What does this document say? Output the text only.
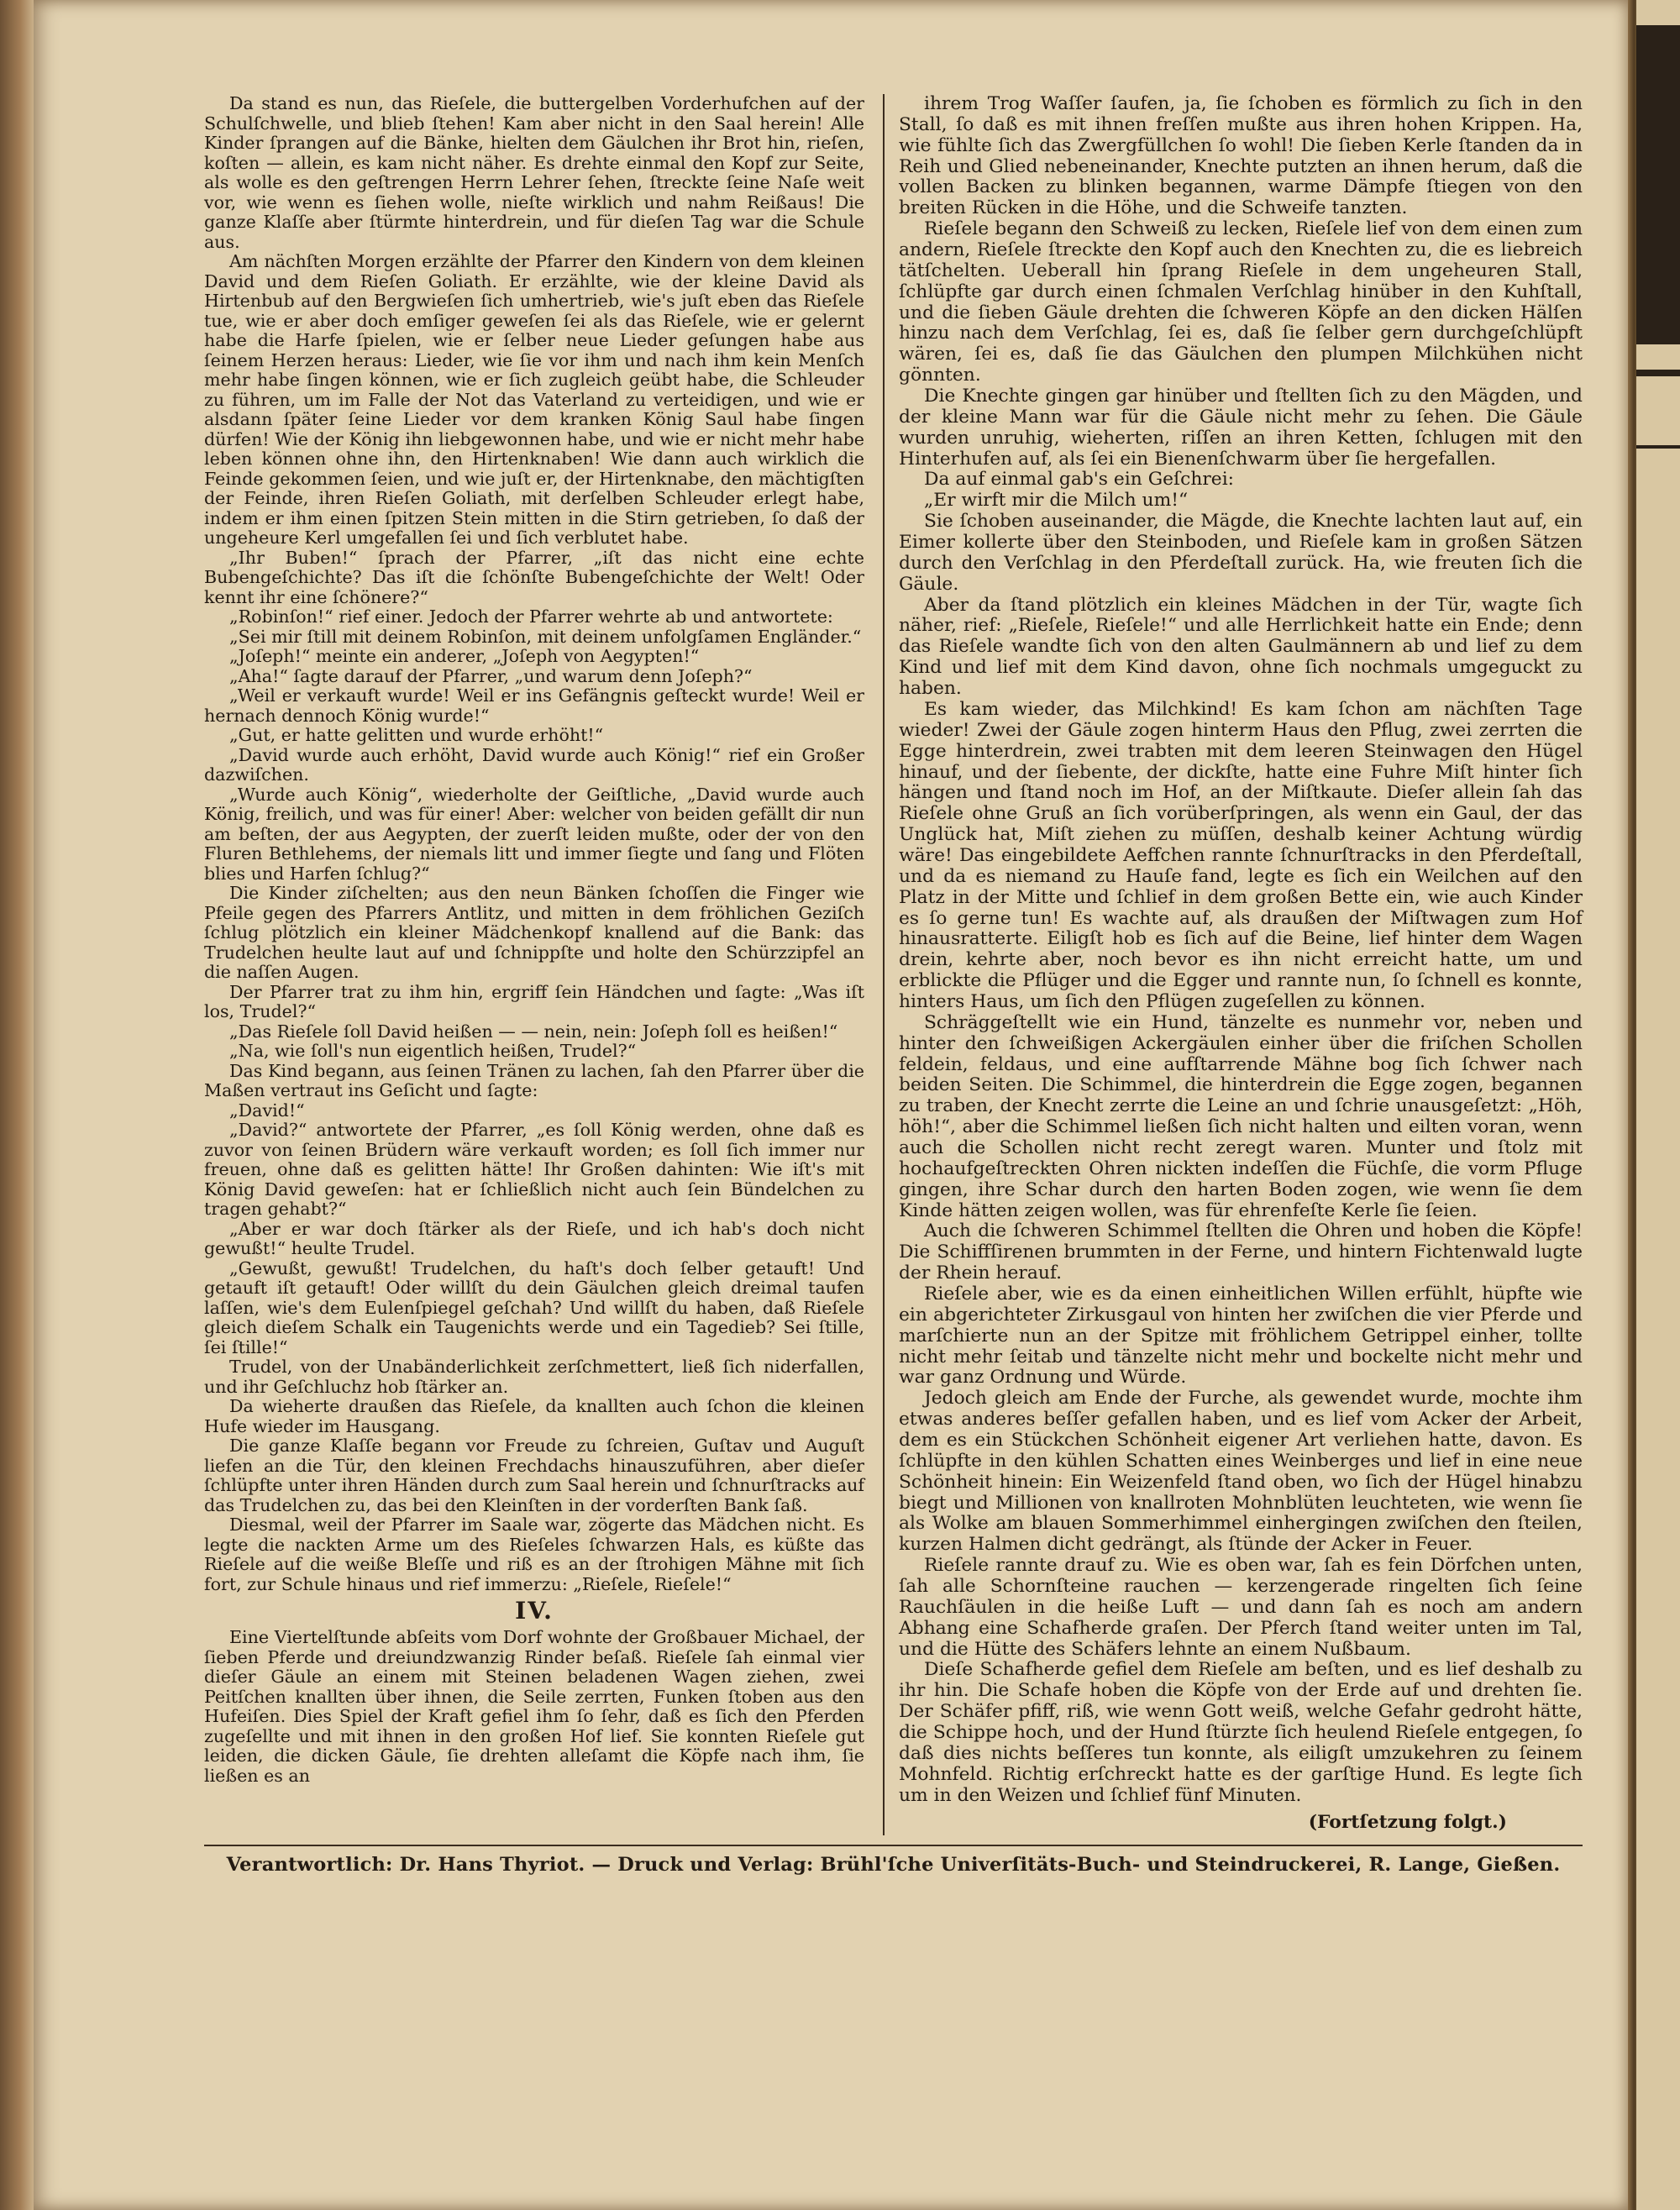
Da stand es nun, das Rieſele, die buttergelben Vorderhufchen auf der Schulſchwelle, und blieb ſtehen! Kam aber nicht in den Saal herein! Alle Kinder ſprangen auf die Bänke, hielten dem Gäulchen ihr Brot hin, rieſen, koſten — allein, es kam nicht näher. Es drehte einmal den Kopf zur Seite, als wolle es den geſtrengen Herrn Lehrer ſehen, ſtreckte ſeine Naſe weit vor, wie wenn es ſiehen wolle, nieſte wirklich und nahm Reißaus! Die ganze Klaſſe aber ſtürmte hinterdrein, und für dieſen Tag war die Schule aus.

Am nächſten Morgen erzählte der Pfarrer den Kindern von dem kleinen David und dem Rieſen Goliath. Er erzählte, wie der kleine David als Hirtenbub auf den Bergwieſen ſich umhertrieb, wie's juſt eben das Rieſele tue, wie er aber doch emſiger geweſen ſei als das Rieſele, wie er gelernt habe die Harfe ſpielen, wie er ſelber neue Lieder geſungen habe aus ſeinem Herzen heraus: Lieder, wie ſie vor ihm und nach ihm kein Menſch mehr habe ſingen können, wie er ſich zugleich geübt habe, die Schleuder zu führen, um im Falle der Not das Vaterland zu verteidigen, und wie er alsdann ſpäter ſeine Lieder vor dem kranken König Saul habe ſingen dürfen! Wie der König ihn liebgewonnen habe, und wie er nicht mehr habe leben können ohne ihn, den Hirtenknaben! Wie dann auch wirklich die Feinde gekommen ſeien, und wie juſt er, der Hirtenknabe, den mächtigſten der Feinde, ihren Rieſen Goliath, mit derſelben Schleuder erlegt habe, indem er ihm einen ſpitzen Stein mitten in die Stirn getrieben, ſo daß der ungeheure Kerl umgefallen ſei und ſich verblutet habe.

„Ihr Buben!“ ſprach der Pfarrer, „iſt das nicht eine echte Bubengeſchichte? Das iſt die ſchönſte Bubengeſchichte der Welt! Oder kennt ihr eine ſchönere?“

„Robinſon!“ rief einer. Jedoch der Pfarrer wehrte ab und antwortete:

„Sei mir ſtill mit deinem Robinſon, mit deinem unfolgſamen Engländer.“

„Joſeph!“ meinte ein anderer, „Joſeph von Aegypten!“

„Aha!“ ſagte darauf der Pfarrer, „und warum denn Joſeph?“

„Weil er verkauft wurde! Weil er ins Gefängnis geſteckt wurde! Weil er hernach dennoch König wurde!“

„Gut, er hatte gelitten und wurde erhöht!“

„David wurde auch erhöht, David wurde auch König!“ rief ein Großer dazwiſchen.

„Wurde auch König“, wiederholte der Geiſtliche, „David wurde auch König, freilich, und was für einer! Aber: welcher von beiden gefällt dir nun am beſten, der aus Aegypten, der zuerſt leiden mußte, oder der von den Fluren Bethlehems, der niemals litt und immer ſiegte und ſang und Flöten blies und Harfen ſchlug?“

Die Kinder ziſchelten; aus den neun Bänken ſchoſſen die Finger wie Pfeile gegen des Pfarrers Antlitz, und mitten in dem fröhlichen Geziſch ſchlug plötzlich ein kleiner Mädchenkopf knallend auf die Bank: das Trudelchen heulte laut auf und ſchnippſte und holte den Schürzzipfel an die naſſen Augen.

Der Pfarrer trat zu ihm hin, ergriff ſein Händchen und ſagte: „Was iſt los, Trudel?“

„Das Rieſele ſoll David heißen — — nein, nein: Joſeph ſoll es heißen!“

„Na, wie ſoll's nun eigentlich heißen, Trudel?“

Das Kind begann, aus ſeinen Tränen zu lachen, ſah den Pfarrer über die Maßen vertraut ins Geſicht und ſagte:

„David!“

„David?“ antwortete der Pfarrer, „es ſoll König werden, ohne daß es zuvor von ſeinen Brüdern wäre verkauft worden; es ſoll ſich immer nur freuen, ohne daß es gelitten hätte! Ihr Großen dahinten: Wie iſt's mit König David geweſen: hat er ſchließlich nicht auch ſein Bündelchen zu tragen gehabt?“

„Aber er war doch ſtärker als der Rieſe, und ich hab's doch nicht gewußt!“ heulte Trudel.

„Gewußt, gewußt! Trudelchen, du haſt's doch ſelber getauft! Und getauft iſt getauft! Oder willſt du dein Gäulchen gleich dreimal taufen laſſen, wie's dem Eulenſpiegel geſchah? Und willſt du haben, daß Rieſele gleich dieſem Schalk ein Taugenichts werde und ein Tagedieb? Sei ſtille, ſei ſtille!“

Trudel, von der Unabänderlichkeit zerſchmettert, ließ ſich niderfallen, und ihr Geſchluchz hob ſtärker an.

Da wieherte draußen das Rieſele, da knallten auch ſchon die kleinen Hufe wieder im Hausgang.

Die ganze Klaſſe begann vor Freude zu ſchreien, Guſtav und Auguſt liefen an die Tür, den kleinen Frechdachs hinauszuführen, aber dieſer ſchlüpfte unter ihren Händen durch zum Saal herein und ſchnurſtracks auf das Trudelchen zu, das bei den Kleinſten in der vorderſten Bank ſaß.

Diesmal, weil der Pfarrer im Saale war, zögerte das Mädchen nicht. Es legte die nackten Arme um des Rieſeles ſchwarzen Hals, es küßte das Rieſele auf die weiße Bleſſe und riß es an der ſtrohigen Mähne mit ſich fort, zur Schule hinaus und rief immerzu: „Rieſele, Rieſele!“

IV.

Eine Viertelſtunde abſeits vom Dorf wohnte der Großbauer Michael, der ſieben Pferde und dreiundzwanzig Rinder beſaß. Rieſele ſah einmal vier dieſer Gäule an einem mit Steinen beladenen Wagen ziehen, zwei Peitſchen knallten über ihnen, die Seile zerrten, Funken ſtoben aus den Hufeiſen. Dies Spiel der Kraft gefiel ihm ſo ſehr, daß es ſich den Pferden zugeſellte und mit ihnen in den großen Hof lief. Sie konnten Rieſele gut leiden, die dicken Gäule, ſie drehten alleſamt die Köpfe nach ihm, ſie ließen es an

ihrem Trog Waſſer ſaufen, ja, ſie ſchoben es förmlich zu ſich in den Stall, ſo daß es mit ihnen freſſen mußte aus ihren hohen Krippen. Ha, wie fühlte ſich das Zwergfüllchen ſo wohl! Die ſieben Kerle ſtanden da in Reih und Glied nebeneinander, Knechte putzten an ihnen herum, daß die vollen Backen zu blinken begannen, warme Dämpfe ſtiegen von den breiten Rücken in die Höhe, und die Schweife tanzten.

Rieſele begann den Schweiß zu lecken, Rieſele lief von dem einen zum andern, Rieſele ſtreckte den Kopf auch den Knechten zu, die es liebreich tätſchelten. Ueberall hin ſprang Rieſele in dem ungeheuren Stall, ſchlüpfte gar durch einen ſchmalen Verſchlag hinüber in den Kuhſtall, und die ſieben Gäule drehten die ſchweren Köpfe an den dicken Hälſen hinzu nach dem Verſchlag, ſei es, daß ſie ſelber gern durchgeſchlüpft wären, ſei es, daß ſie das Gäulchen den plumpen Milchkühen nicht gönnten.

Die Knechte gingen gar hinüber und ſtellten ſich zu den Mägden, und der kleine Mann war für die Gäule nicht mehr zu ſehen. Die Gäule wurden unruhig, wieherten, riſſen an ihren Ketten, ſchlugen mit den Hinterhufen auf, als ſei ein Bienenſchwarm über ſie hergefallen.

Da auf einmal gab's ein Geſchrei:

„Er wirft mir die Milch um!“

Sie ſchoben auseinander, die Mägde, die Knechte lachten laut auf, ein Eimer kollerte über den Steinboden, und Rieſele kam in großen Sätzen durch den Verſchlag in den Pferdeſtall zurück. Ha, wie freuten ſich die Gäule.

Aber da ſtand plötzlich ein kleines Mädchen in der Tür, wagte ſich näher, rief: „Rieſele, Rieſele!“ und alle Herrlichkeit hatte ein Ende; denn das Rieſele wandte ſich von den alten Gaulmännern ab und lief zu dem Kind und lief mit dem Kind davon, ohne ſich nochmals umgeguckt zu haben.

Es kam wieder, das Milchkind! Es kam ſchon am nächſten Tage wieder! Zwei der Gäule zogen hinterm Haus den Pflug, zwei zerrten die Egge hinterdrein, zwei trabten mit dem leeren Steinwagen den Hügel hinauf, und der ſiebente, der dickſte, hatte eine Fuhre Miſt hinter ſich hängen und ſtand noch im Hof, an der Miſtkaute. Dieſer allein ſah das Rieſele ohne Gruß an ſich vorüberſpringen, als wenn ein Gaul, der das Unglück hat, Miſt ziehen zu müſſen, deshalb keiner Achtung würdig wäre! Das eingebildete Aeffchen rannte ſchnurſtracks in den Pferdeſtall, und da es niemand zu Hauſe fand, legte es ſich ein Weilchen auf den Platz in der Mitte und ſchlief in dem großen Bette ein, wie auch Kinder es ſo gerne tun! Es wachte auf, als draußen der Miſtwagen zum Hof hinausratterte. Eiligſt hob es ſich auf die Beine, lief hinter dem Wagen drein, kehrte aber, noch bevor es ihn nicht erreicht hatte, um und erblickte die Pflüger und die Egger und rannte nun, ſo ſchnell es konnte, hinters Haus, um ſich den Pflügen zugeſellen zu können.

Schräggeſtellt wie ein Hund, tänzelte es nunmehr vor, neben und hinter den ſchweißigen Ackergäulen einher über die friſchen Schollen feldein, feldaus, und eine aufſtarrende Mähne bog ſich ſchwer nach beiden Seiten. Die Schimmel, die hinterdrein die Egge zogen, begannen zu traben, der Knecht zerrte die Leine an und ſchrie unausgeſetzt: „Höh, höh!“, aber die Schimmel ließen ſich nicht halten und eilten voran, wenn auch die Schollen nicht recht zeregt waren. Munter und ſtolz mit hochaufgeſtreckten Ohren nickten indeſſen die Füchſe, die vorm Pfluge gingen, ihre Schar durch den harten Boden zogen, wie wenn ſie dem Kinde hätten zeigen wollen, was für ehrenfeſte Kerle ſie ſeien.

Auch die ſchweren Schimmel ſtellten die Ohren und hoben die Köpfe! Die Schiffſirenen brummten in der Ferne, und hintern Fichtenwald lugte der Rhein herauf.

Rieſele aber, wie es da einen einheitlichen Willen erfühlt, hüpfte wie ein abgerichteter Zirkusgaul von hinten her zwiſchen die vier Pferde und marſchierte nun an der Spitze mit fröhlichem Getrippel einher, tollte nicht mehr ſeitab und tänzelte nicht mehr und bockelte nicht mehr und war ganz Ordnung und Würde.

Jedoch gleich am Ende der Furche, als gewendet wurde, mochte ihm etwas anderes beſſer gefallen haben, und es lief vom Acker der Arbeit, dem es ein Stückchen Schönheit eigener Art verliehen hatte, davon. Es ſchlüpfte in den kühlen Schatten eines Weinberges und lief in eine neue Schönheit hinein: Ein Weizenfeld ſtand oben, wo ſich der Hügel hinabzu biegt und Millionen von knallroten Mohnblüten leuchteten, wie wenn ſie als Wolke am blauen Sommerhimmel einhergingen zwiſchen den ſteilen, kurzen Halmen dicht gedrängt, als ſtünde der Acker in Feuer.

Rieſele rannte drauf zu. Wie es oben war, ſah es fein Dörfchen unten, ſah alle Schornſteine rauchen — kerzengerade ringelten ſich ſeine Rauchſäulen in die heiße Luft — und dann ſah es noch am andern Abhang eine Schafherde graſen. Der Pferch ſtand weiter unten im Tal, und die Hütte des Schäfers lehnte an einem Nußbaum.

Dieſe Schafherde gefiel dem Rieſele am beſten, und es lief deshalb zu ihr hin. Die Schafe hoben die Köpfe von der Erde auf und drehten ſie. Der Schäfer pfiff, riß, wie wenn Gott weiß, welche Gefahr gedroht hätte, die Schippe hoch, und der Hund ſtürzte ſich heulend Rieſele entgegen, ſo daß dies nichts beſſeres tun konnte, als eiligſt umzukehren zu ſeinem Mohnfeld. Richtig erſchreckt hatte es der garſtige Hund. Es legte ſich um in den Weizen und ſchlief fünf Minuten.

(Fortſetzung folgt.)

Verantwortlich: Dr. Hans Thyriot. — Druck und Verlag: Brühl'ſche Univerſitäts-Buch- und Steindruckerei, R. Lange, Gießen.
